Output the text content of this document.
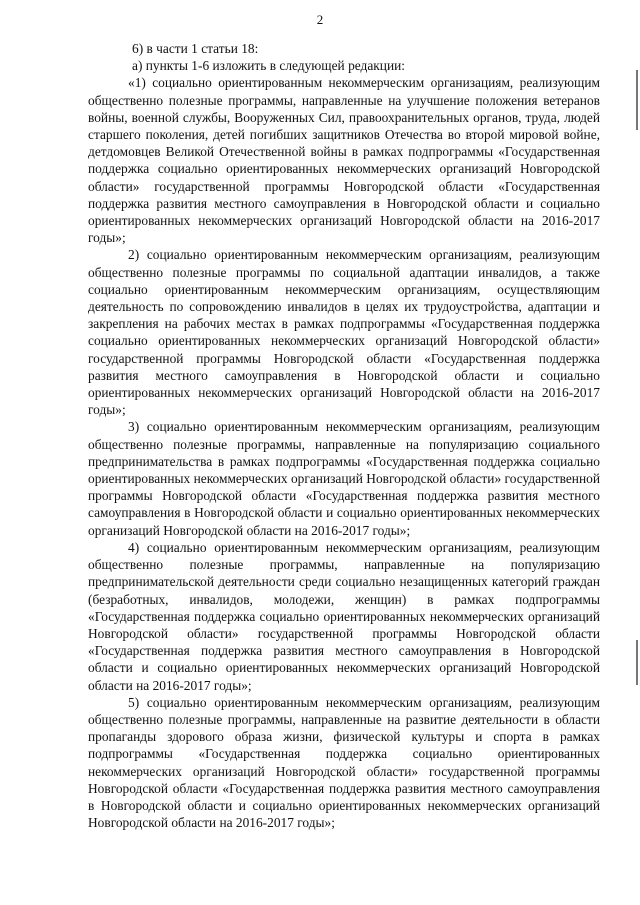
2

6) в части 1 статьи 18:

а) пункты 1-6 изложить в следующей редакции:

«1) социально ориентированным некоммерческим организациям, реализующим общественно полезные программы, направленные на улучшение положения ветеранов войны, военной службы, Вооруженных Сил, правоохранительных органов, труда, людей старшего поколения, детей погибших защитников Отечества во второй мировой войне, детдомовцев Великой Отечественной войны в рамках подпрограммы «Государственная поддержка социально ориентированных некоммерческих организаций Новгородской области» государственной программы Новгородской области «Государственная поддержка развития местного самоуправления в Новгородской области и социально ориентированных некоммерческих организаций Новгородской области на 2016-2017 годы»;

2) социально ориентированным некоммерческим организациям, реализующим общественно полезные программы по социальной адаптации инвалидов, а также социально ориентированным некоммерческим организациям, осуществляющим деятельность по сопровождению инвалидов в целях их трудоустройства, адаптации и закрепления на рабочих местах в рамках подпрограммы «Государственная поддержка социально ориентированных некоммерческих организаций Новгородской области» государственной программы Новгородской области «Государственная поддержка развития местного самоуправления в Новгородской области и социально ориентированных некоммерческих организаций Новгородской области на 2016-2017 годы»;

3) социально ориентированным некоммерческим организациям, реализующим общественно полезные программы, направленные на популяризацию социального предпринимательства в рамках подпрограммы «Государственная поддержка социально ориентированных некоммерческих организаций Новгородской области» государственной программы Новгородской области «Государственная поддержка развития местного самоуправления в Новгородской области и социально ориентированных некоммерческих организаций Новгородской области на 2016-2017 годы»;

4) социально ориентированным некоммерческим организациям, реализующим общественно полезные программы, направленные на популяризацию предпринимательской деятельности среди социально незащищенных категорий граждан (безработных, инвалидов, молодежи, женщин) в рамках подпрограммы «Государственная поддержка социально ориентированных некоммерческих организаций Новгородской области» государственной программы Новгородской области «Государственная поддержка развития местного самоуправления в Новгородской области и социально ориентированных некоммерческих организаций Новгородской области на 2016-2017 годы»;

5) социально ориентированным некоммерческим организациям, реализующим общественно полезные программы, направленные на развитие деятельности в области пропаганды здорового образа жизни, физической культуры и спорта в рамках подпрограммы «Государственная поддержка социально ориентированных некоммерческих организаций Новгородской области» государственной программы Новгородской области «Государственная поддержка развития местного самоуправления в Новгородской области и социально ориентированных некоммерческих организаций Новгородской области на 2016-2017 годы»;
